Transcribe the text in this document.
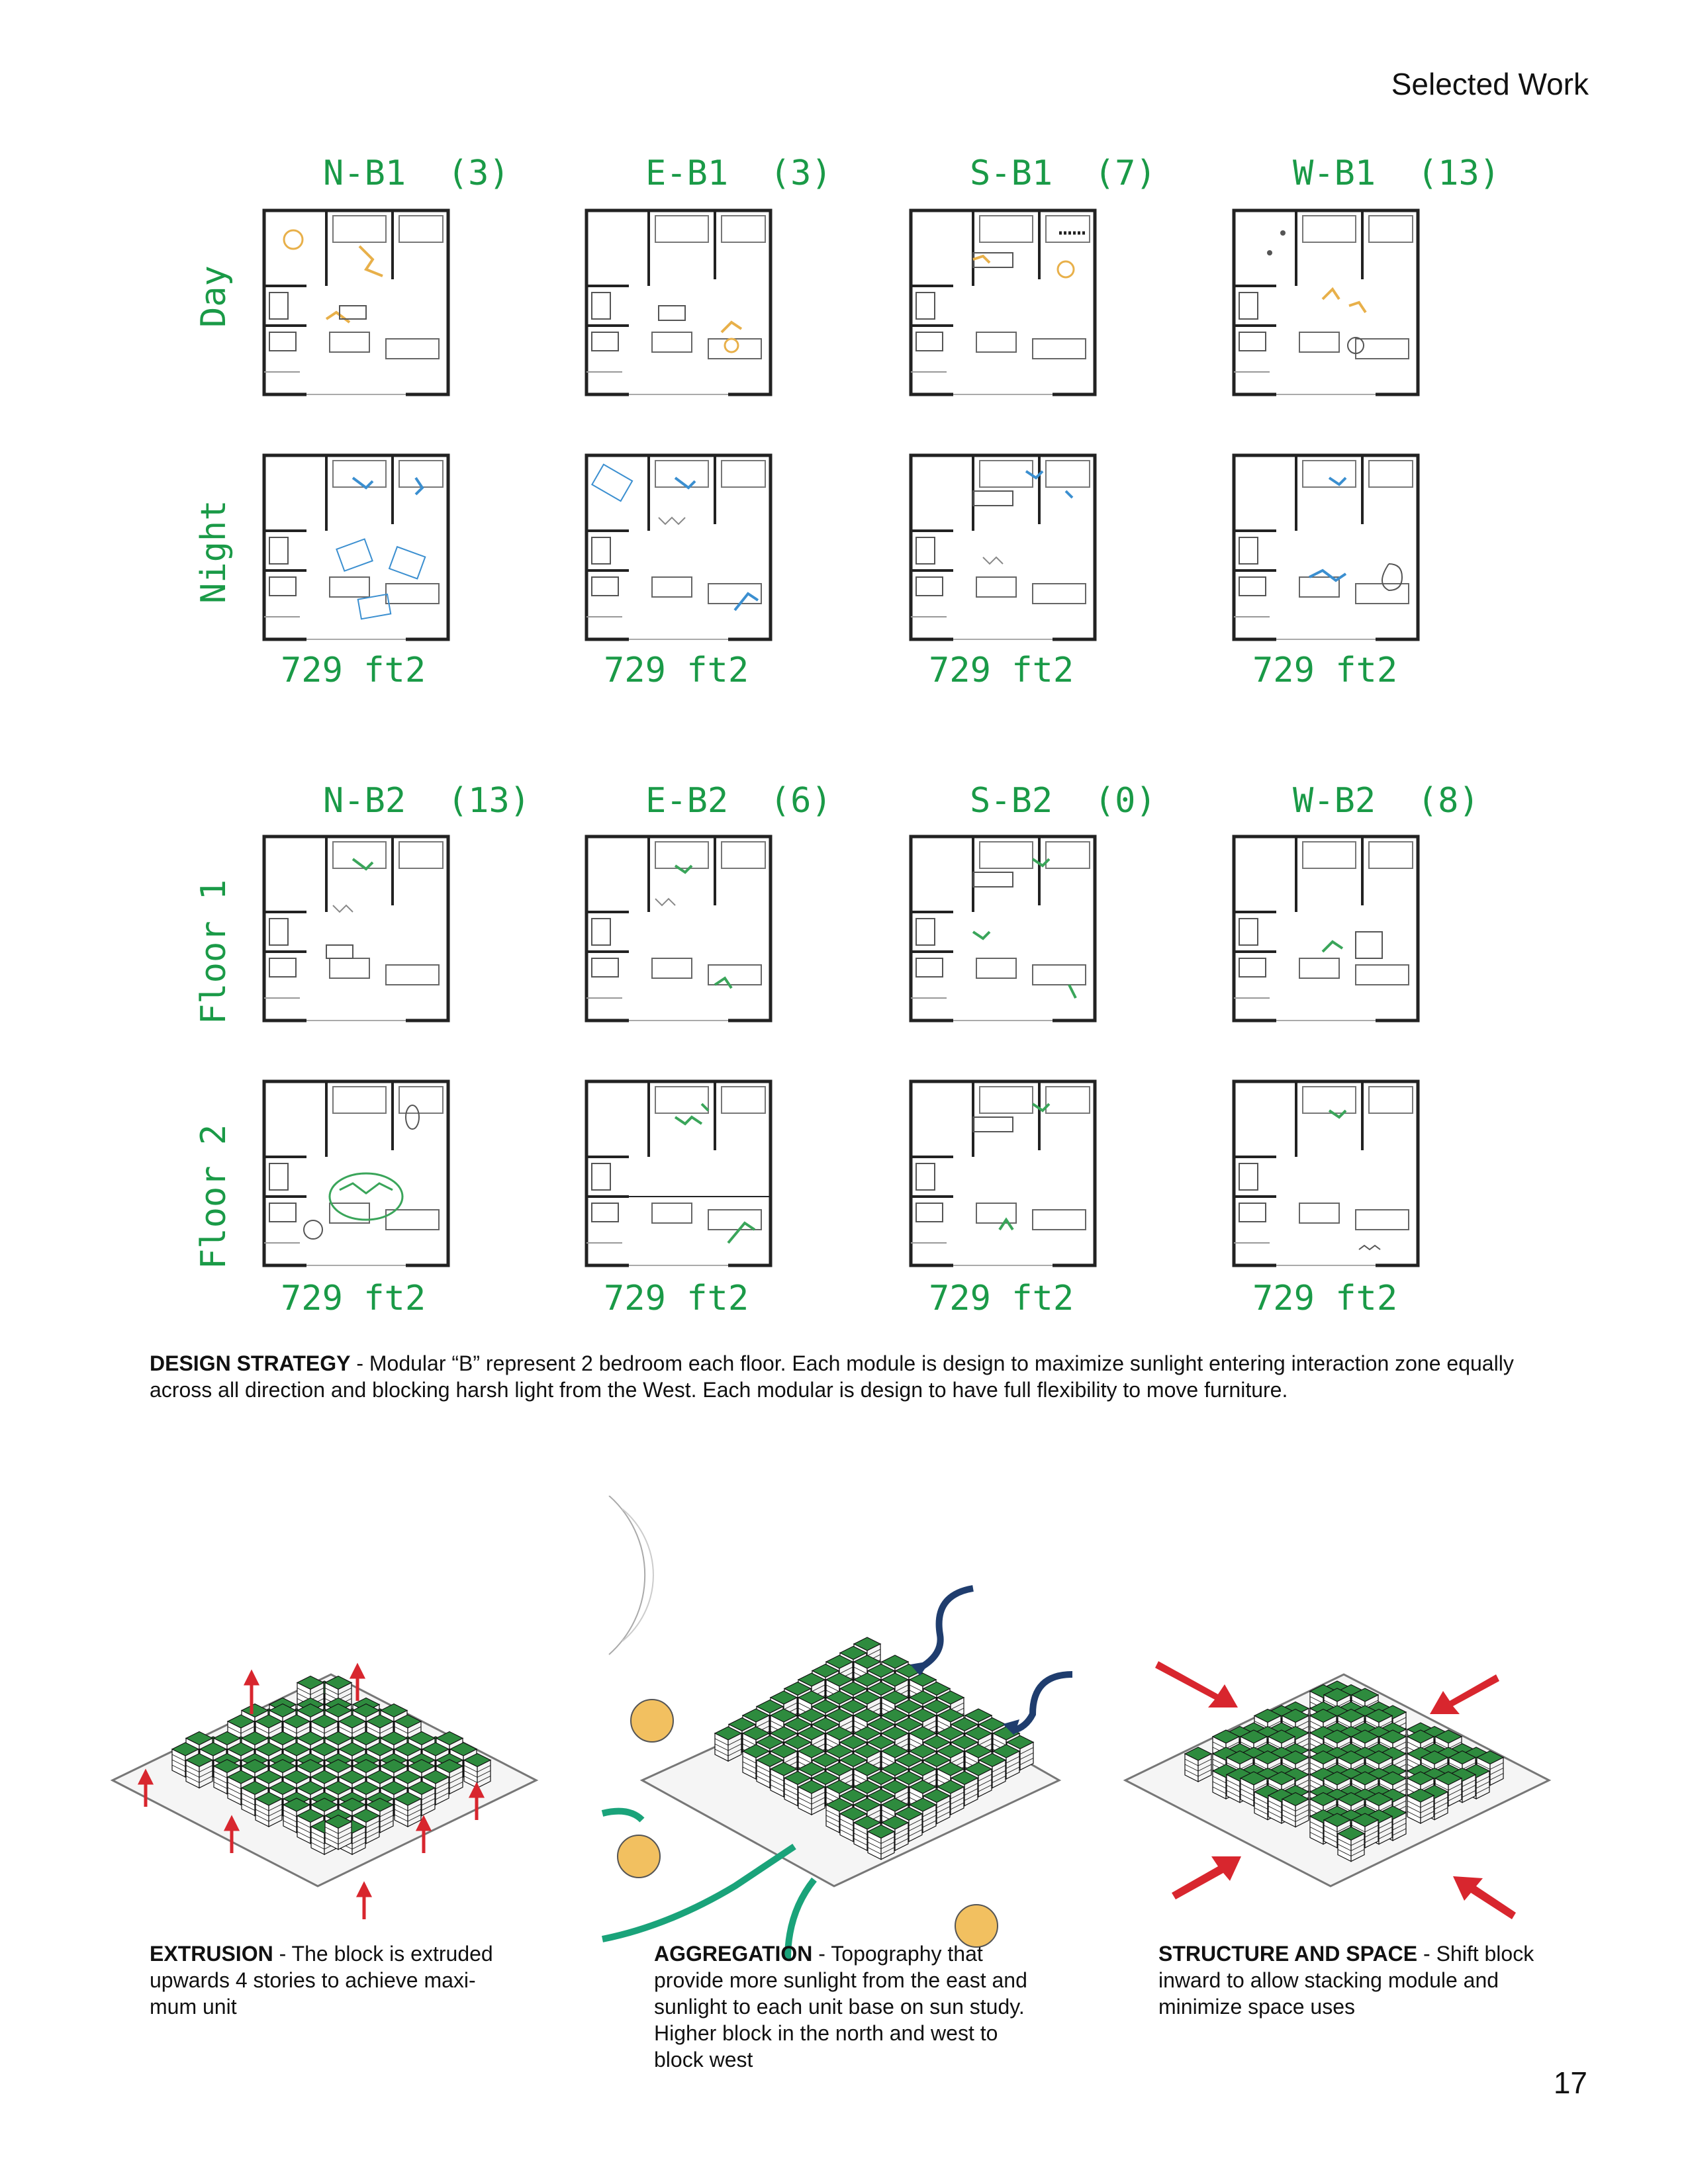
Selected Work
N-B1 (3)	E-B1 (3)	S-B1 (7)	W-B1 (13)
Day
Night
729 ft2	729 ft2	729 ft2	729 ft2
N-B2 (13)	E-B2 (6)	S-B2 (0)	W-B2 (8)
Floor 1
Floor 2
729 ft2	729 ft2	729 ft2	729 ft2
DESIGN STRATEGY - Modular “B” represent 2 bedroom each floor. Each module is design to maximize sunlight entering interaction zone equally across all direction and blocking harsh light from the West. Each modular is design to have full flexibility to move furniture.
EXTRUSION - The block is extruded upwards 4 stories to achieve maxi-mum unit
AGGREGATION - Topography that provide more sunlight from the east and sunlight to each unit base on sun study. Higher block in the north and west to block west
STRUCTURE AND SPACE - Shift block inward to allow stacking module and minimize space uses
17
